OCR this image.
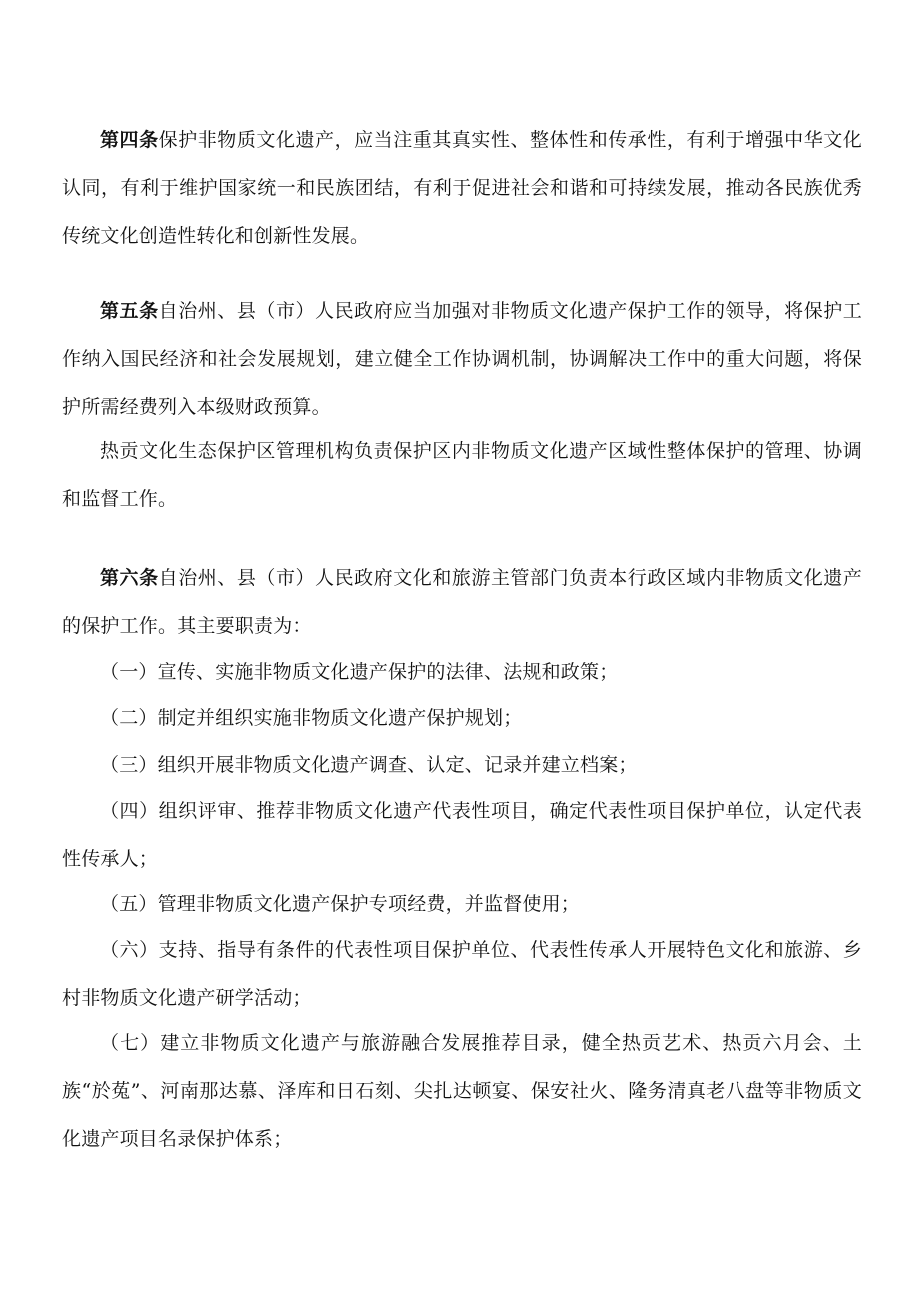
第四条保护非物质文化遗产，应当注重其真实性、整体性和传承性，有利于增强中华文化认同，有利于维护国家统一和民族团结，有利于促进社会和谐和可持续发展，推动各民族优秀传统文化创造性转化和创新性发展。

第五条自治州、县（市）人民政府应当加强对非物质文化遗产保护工作的领导，将保护工作纳入国民经济和社会发展规划，建立健全工作协调机制，协调解决工作中的重大问题，将保护所需经费列入本级财政预算。

热贡文化生态保护区管理机构负责保护区内非物质文化遗产区域性整体保护的管理、协调和监督工作。

第六条自治州、县（市）人民政府文化和旅游主管部门负责本行政区域内非物质文化遗产的保护工作。其主要职责为：

（一）宣传、实施非物质文化遗产保护的法律、法规和政策；

（二）制定并组织实施非物质文化遗产保护规划；

（三）组织开展非物质文化遗产调查、认定、记录并建立档案；

（四）组织评审、推荐非物质文化遗产代表性项目，确定代表性项目保护单位，认定代表性传承人；

（五）管理非物质文化遗产保护专项经费，并监督使用；

（六）支持、指导有条件的代表性项目保护单位、代表性传承人开展特色文化和旅游、乡村非物质文化遗产研学活动；

（七）建立非物质文化遗产与旅游融合发展推荐目录，健全热贡艺术、热贡六月会、土族“於菟”、河南那达慕、泽库和日石刻、尖扎达顿宴、保安社火、隆务清真老八盘等非物质文化遗产项目名录保护体系；
